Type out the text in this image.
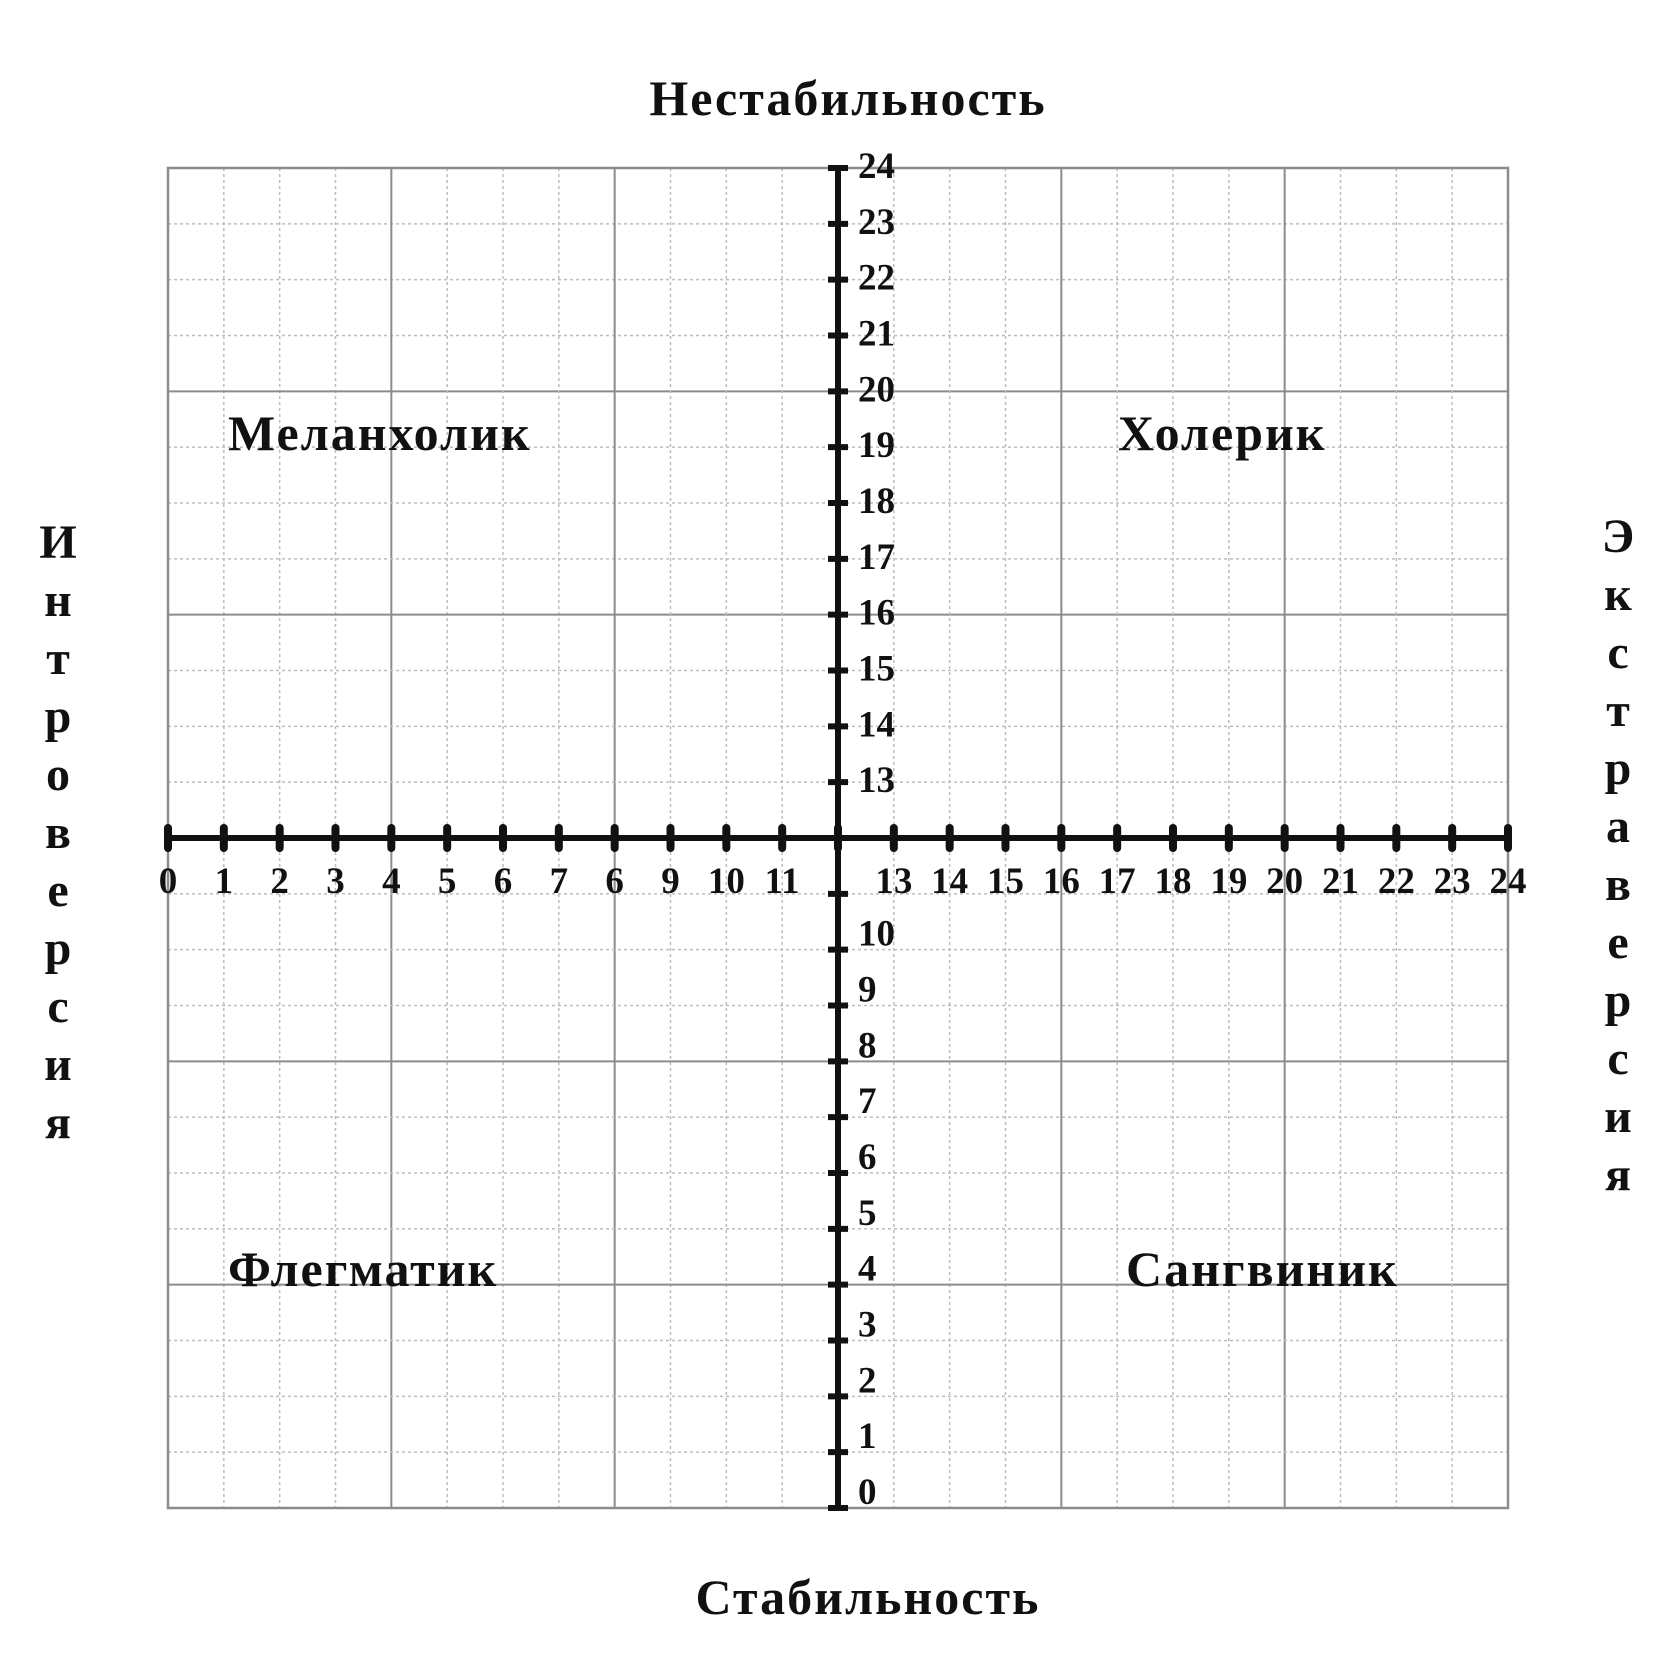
0 1 2 3 4 5 6 7 6 9 10 11 13 14 15 16 17 18 19 20 21 22 23 24
13
14
15
16
17
18
19
20
21
22
23
24
0
1
2
3
4
5
6
7
8
9
10
Нестабильность
Стабильность
И
н
т
р
о
в
е
р
с
и
я
Э
к
с
т
р
а
в
е
р
с
и
я
Меланхолик	Холерик
Флегматик	Сангвиник
